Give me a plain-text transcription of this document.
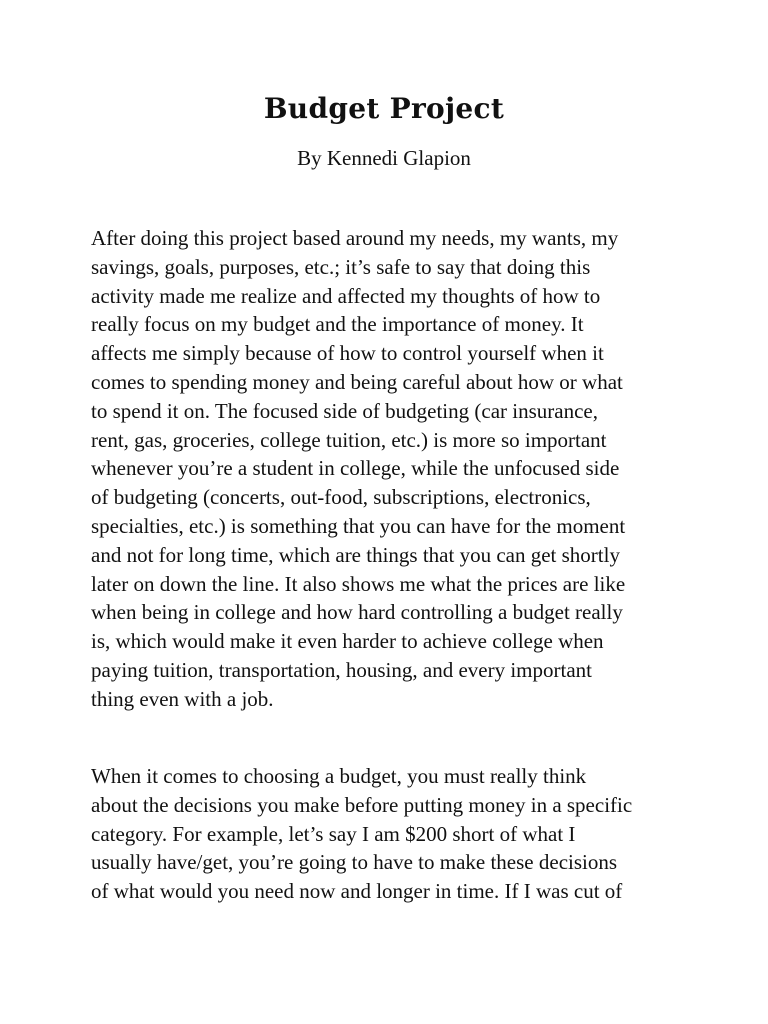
Budget Project

By Kennedi Glapion

After doing this project based around my needs, my wants, my
savings, goals, purposes, etc.; it’s safe to say that doing this
activity made me realize and affected my thoughts of how to
really focus on my budget and the importance of money. It
affects me simply because of how to control yourself when it
comes to spending money and being careful about how or what
to spend it on. The focused side of budgeting (car insurance,
rent, gas, groceries, college tuition, etc.) is more so important
whenever you’re a student in college, while the unfocused side
of budgeting (concerts, out-food, subscriptions, electronics,
specialties, etc.) is something that you can have for the moment
and not for long time, which are things that you can get shortly
later on down the line. It also shows me what the prices are like
when being in college and how hard controlling a budget really
is, which would make it even harder to achieve college when
paying tuition, transportation, housing, and every important
thing even with a job.

When it comes to choosing a budget, you must really think
about the decisions you make before putting money in a specific
category. For example, let’s say I am $200 short of what I
usually have/get, you’re going to have to make these decisions
of what would you need now and longer in time. If I was cut of
